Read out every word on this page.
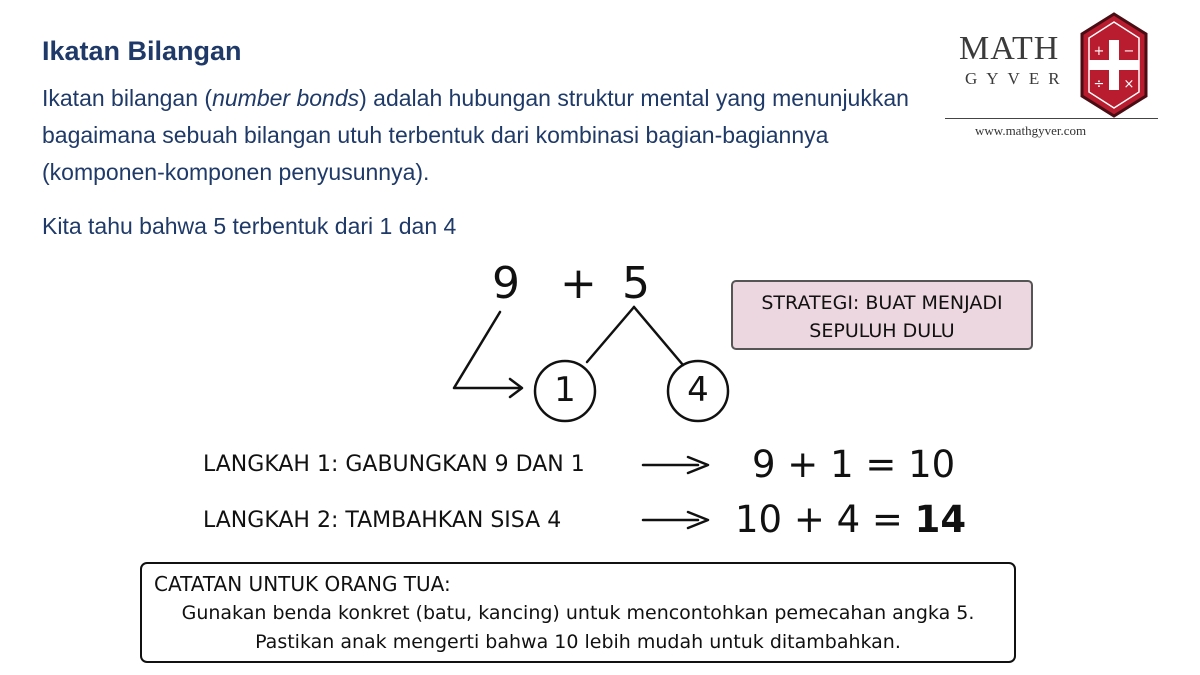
Ikatan Bilangan

Ikatan bilangan (number bonds) adalah hubungan struktur mental yang menunjukkan bagaimana sebuah bilangan utuh terbentuk dari kombinasi bagian-bagiannya (komponen-komponen penyusunnya).

Kita tahu bahwa 5 terbentuk dari 1 dan 4

MATH
GYVER
+ −
÷ ×
www.mathgyver.com
9 + 5
1	4
STRATEGI: BUAT MENJADI
SEPULUH DULU
LANGKAH 1: GABUNGKAN 9 DAN 1	9 + 1 = 10
LANGKAH 2: TAMBAHKAN SISA 4	10 + 4 = 14
CATATAN UNTUK ORANG TUA:
Gunakan benda konkret (batu, kancing) untuk mencontohkan pemecahan angka 5.
Pastikan anak mengerti bahwa 10 lebih mudah untuk ditambahkan.
